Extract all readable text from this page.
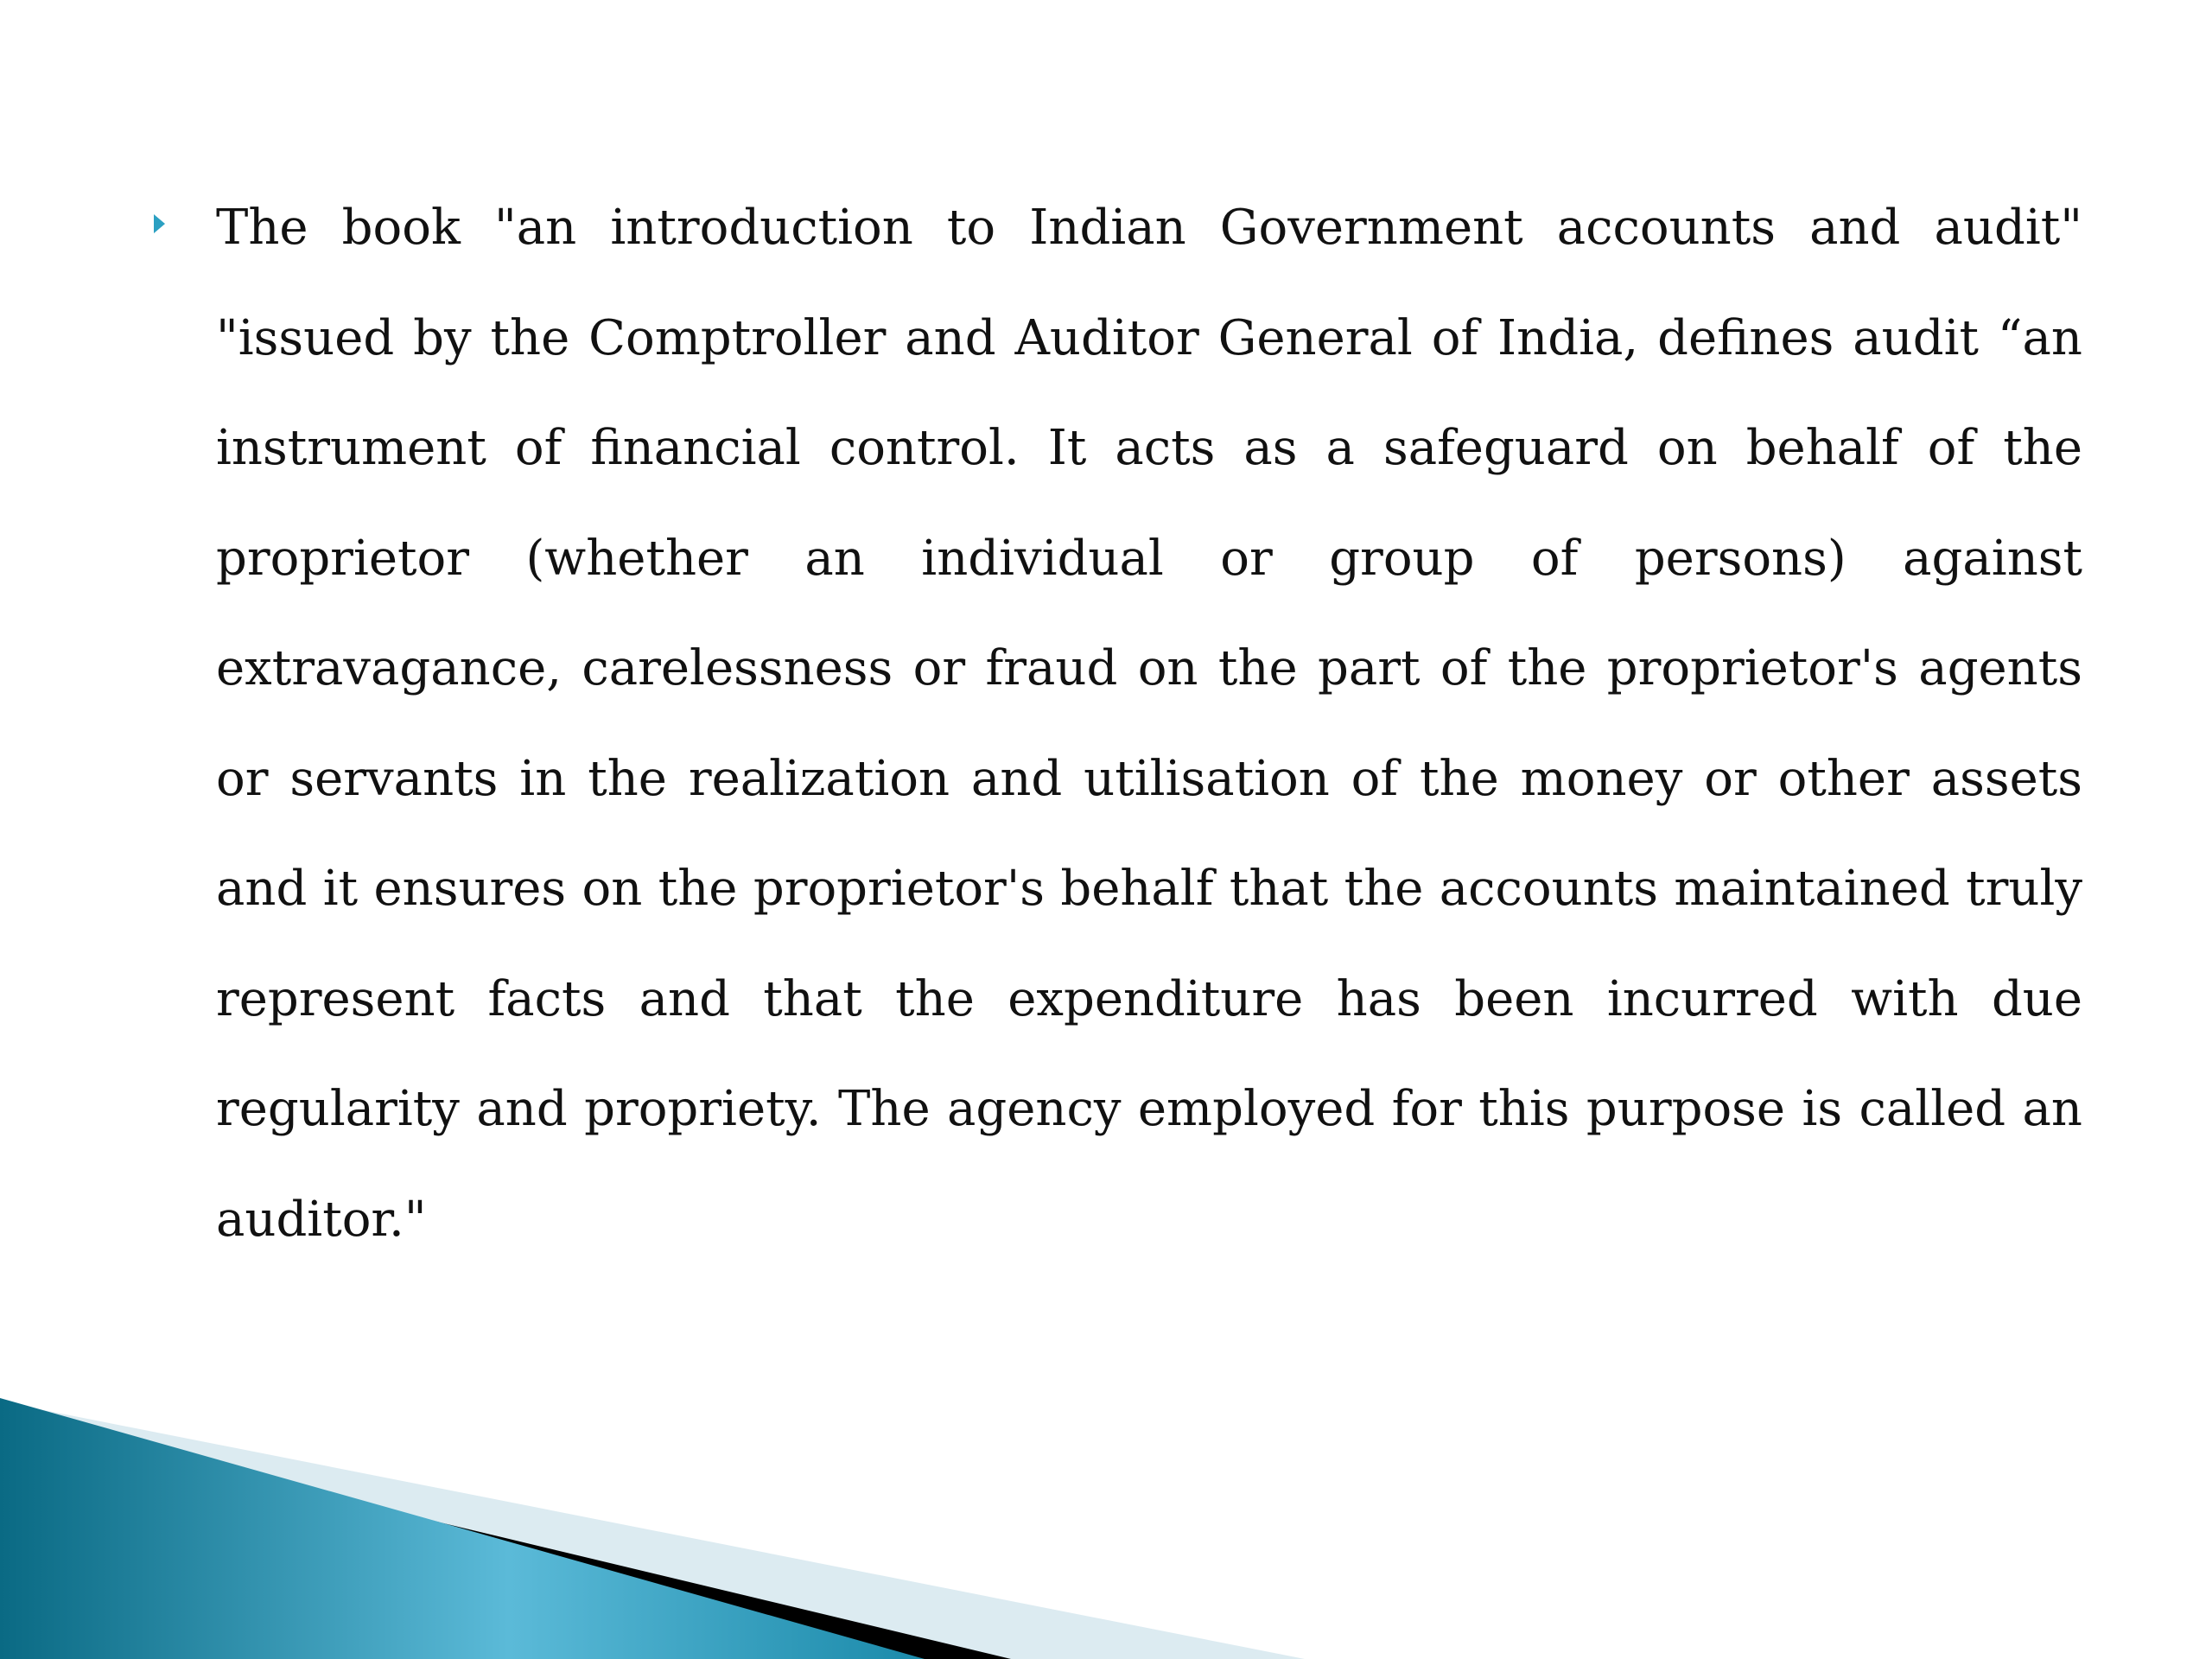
The book "an introduction to Indian Government accounts and audit" "issued by the Comptroller and Auditor General of India, defines audit “an instrument of financial control. It acts as a safeguard on behalf of the proprietor (whether an individual or group of persons) against extravagance, carelessness or fraud on the part of the proprietor's agents or servants in the realization and utilisation of the money or other assets and it ensures on the proprietor's behalf that the accounts maintained truly represent facts and that the expenditure has been incurred with due regularity and propriety. The agency employed for this purpose is called an auditor."
